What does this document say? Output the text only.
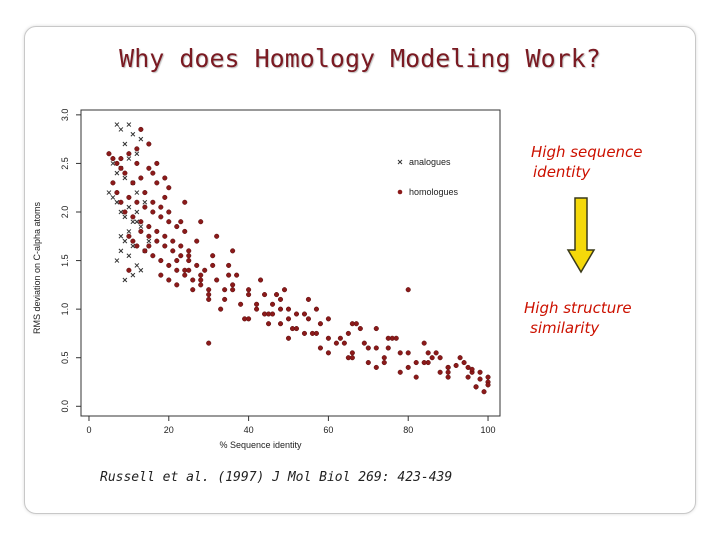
Why does Homology Modeling Work?
0	20	40	60	80	100
0.0
0.5
1.0
1.5
2.0
2.5
3.0
% Sequence identity
RMS deviation on C-alpha atoms
analogues
homologues
High sequence
identity
High structure
similarity
Russell et al. (1997) J Mol Biol 269: 423-439
